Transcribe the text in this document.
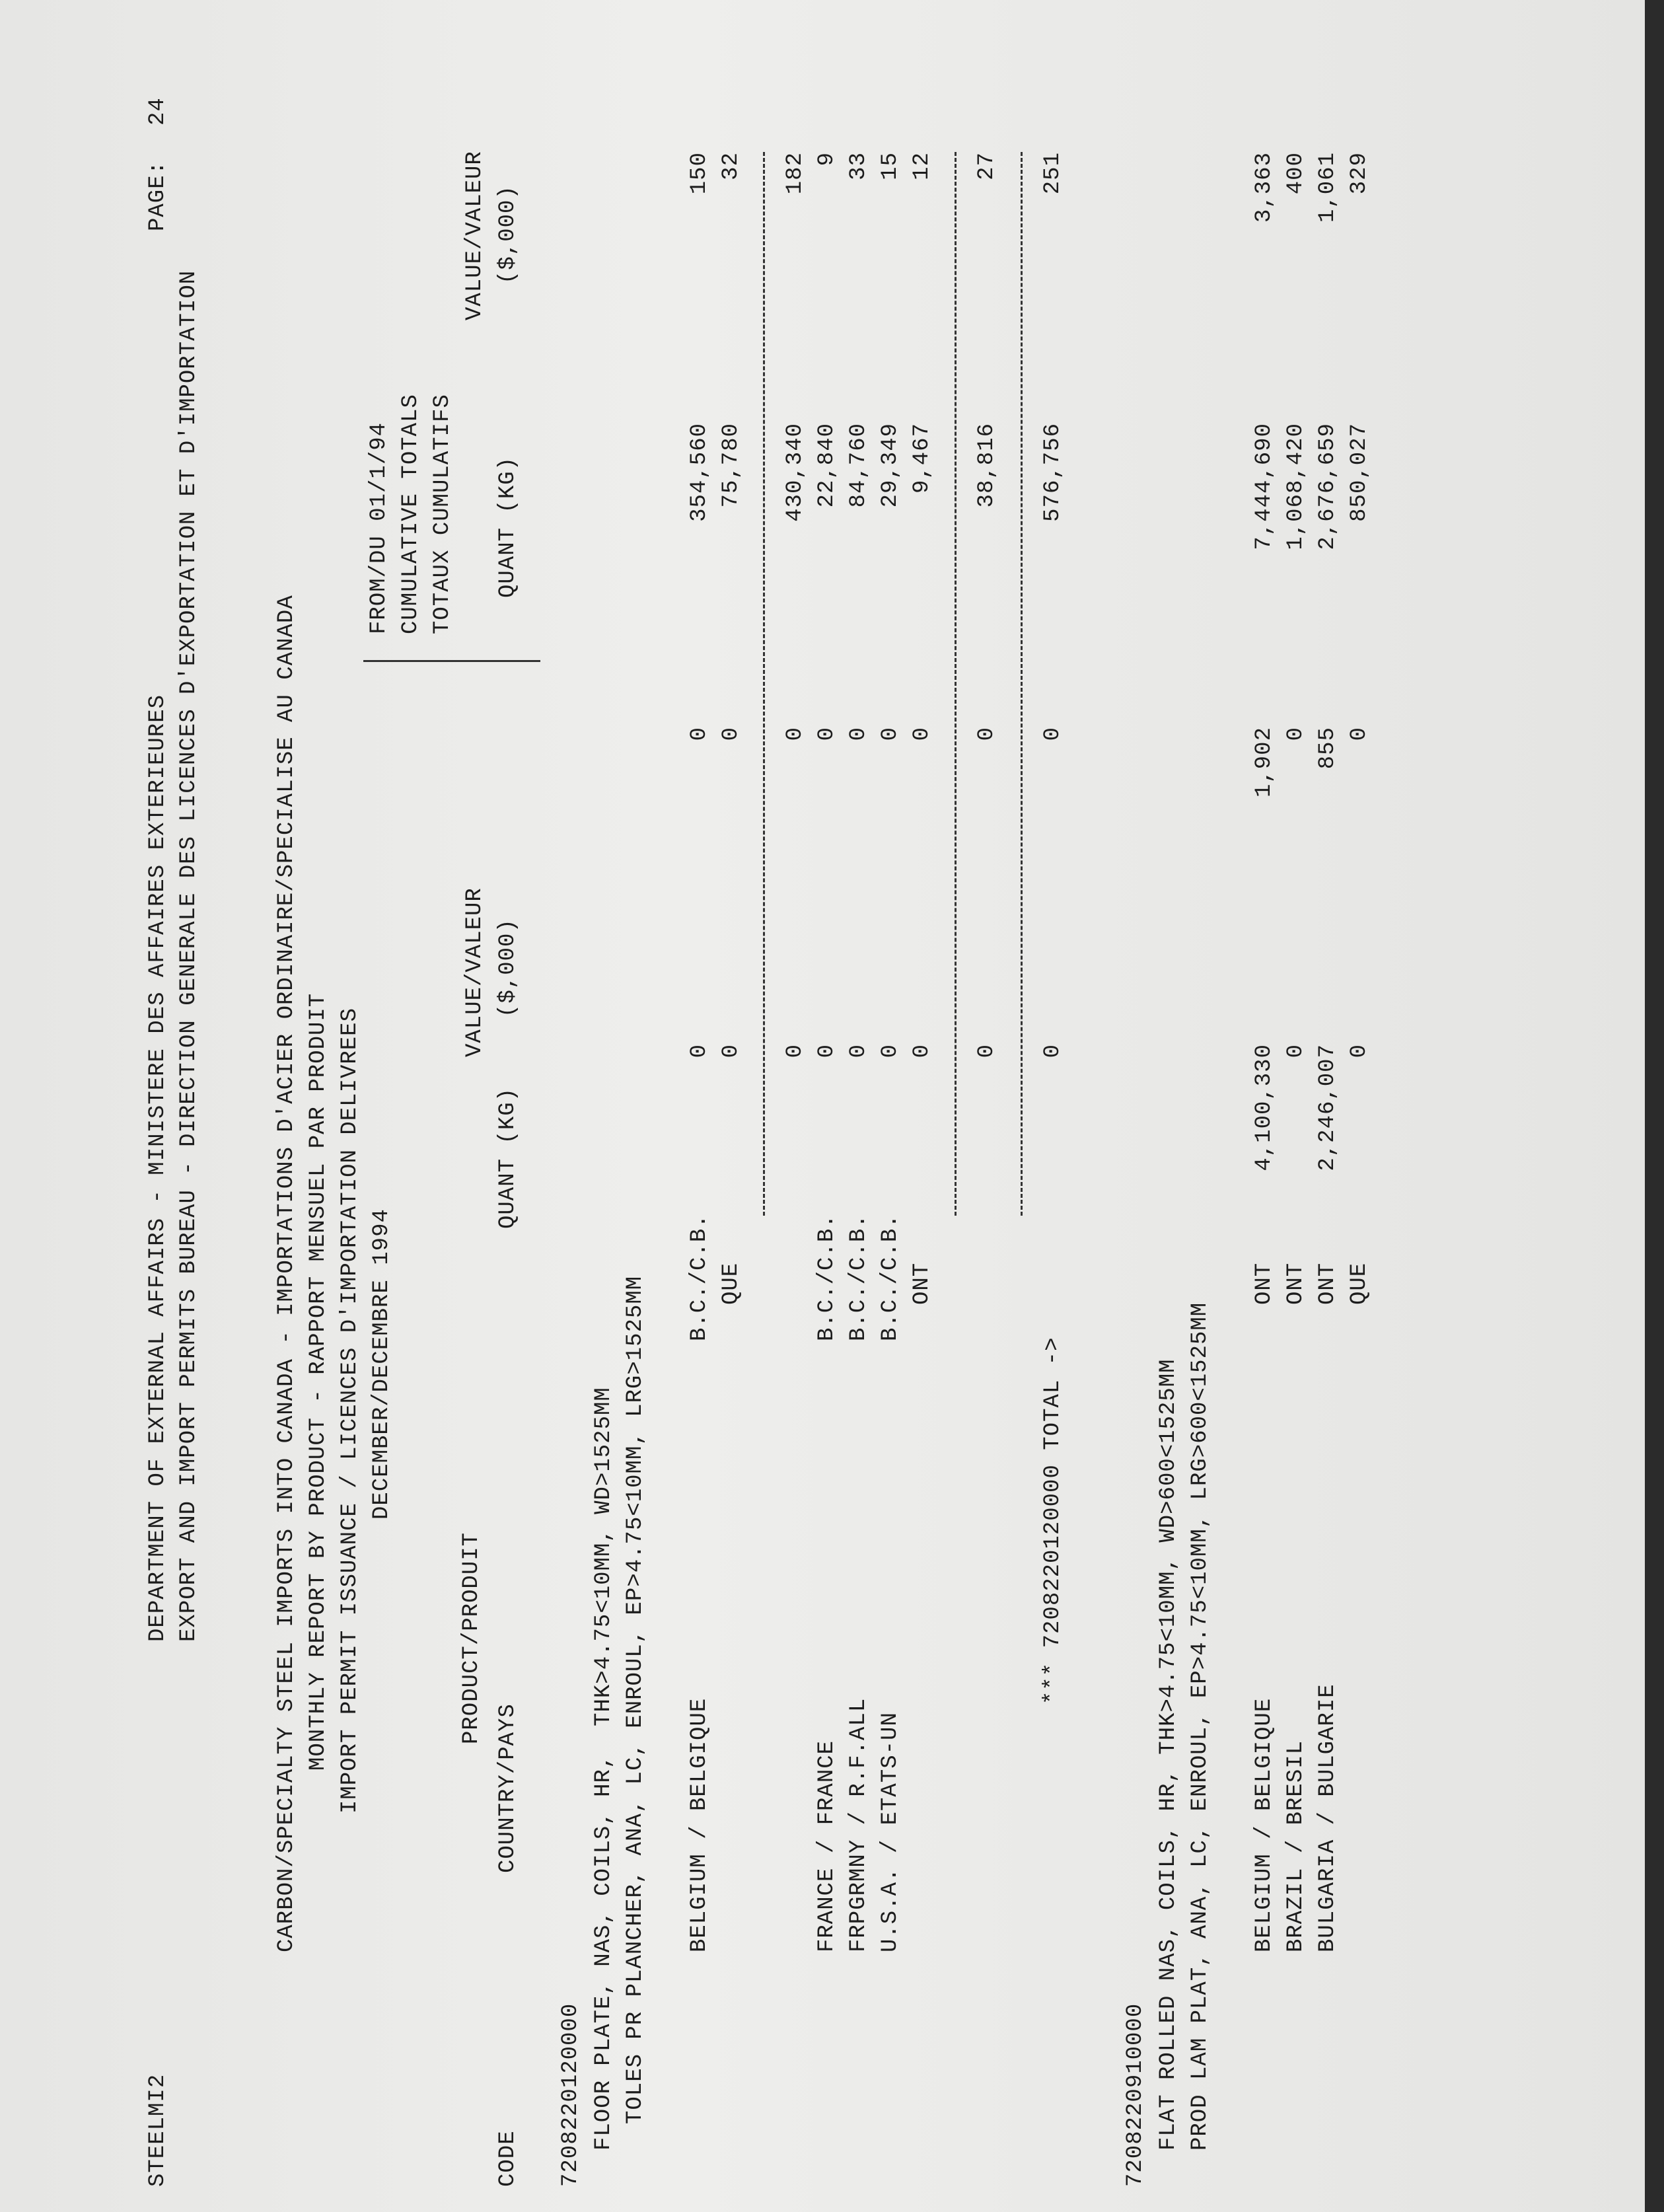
STEELMI2
DEPARTMENT OF EXTERNAL AFFAIRS - MINISTERE DES AFFAIRES EXTERIEURES EXPORT AND IMPORT PERMITS BUREAU - DIRECTION GENERALE DES LICENCES D'EXPORTATION ET D'IMPORTATION
PAGE:
24
CARBON/SPECIALTY STEEL IMPORTS INTO CANADA - IMPORTATIONS D'ACIER ORDINAIRE/SPECIALISE AU CANADA MONTHLY REPORT BY PRODUCT - RAPPORT MENSUEL PAR PRODUIT IMPORT PERMIT ISSUANCE / LICENCES D'IMPORTATION DELIVREES DECEMBER/DECEMBRE 1994
FROM/DU 01/1/94 CUMULATIVE TOTALS TOTAUX CUMULATIFS
PRODUCT/PRODUIT
VALUE/VALEUR
VALUE/VALEUR
CODE
COUNTRY/PAYS
QUANT (KG)
($,000)
QUANT (KG)
($,000)
7208220120000 FLOOR PLATE, NAS, COILS, HR,  THK>4.75<10MM, WD>1525MM TOLES PR PLANCHER, ANA, LC, ENROUL, EP>4.75<10MM, LRG>1525MM BELGIUM / BELGIQUE
B.C./C.B.
0
0
354,560
150
QUE
0
0
75,780
32
0
0
430,340
182
FRANCE / FRANCE
B.C./C.B.
0
0
22,840
9
FRPGRMNY / R.F.ALL
B.C./C.B.
0
0
84,760
33
U.S.A. / ETATS-UN
B.C./C.B.
0
0
29,349
15
ONT
0
0
9,467
12
0
0
38,816
27
*** 7208220120000 TOTAL ->
0
0
576,756
251
7208220910000 FLAT ROLLED NAS, COILS, HR, THK>4.75<10MM, WD>600<1525MM PROD LAM PLAT, ANA, LC, ENROUL, EP>4.75<10MM, LRG>600<1525MM BELGIUM / BELGIQUE
ONT
4,100,330
1,902
7,444,690
3,363
BRAZIL / BRESIL
ONT
0
0
1,068,420
400
BULGARIA / BULGARIE
ONT
2,246,007
855
2,676,659
1,061
QUE
0
0
850,027
329
